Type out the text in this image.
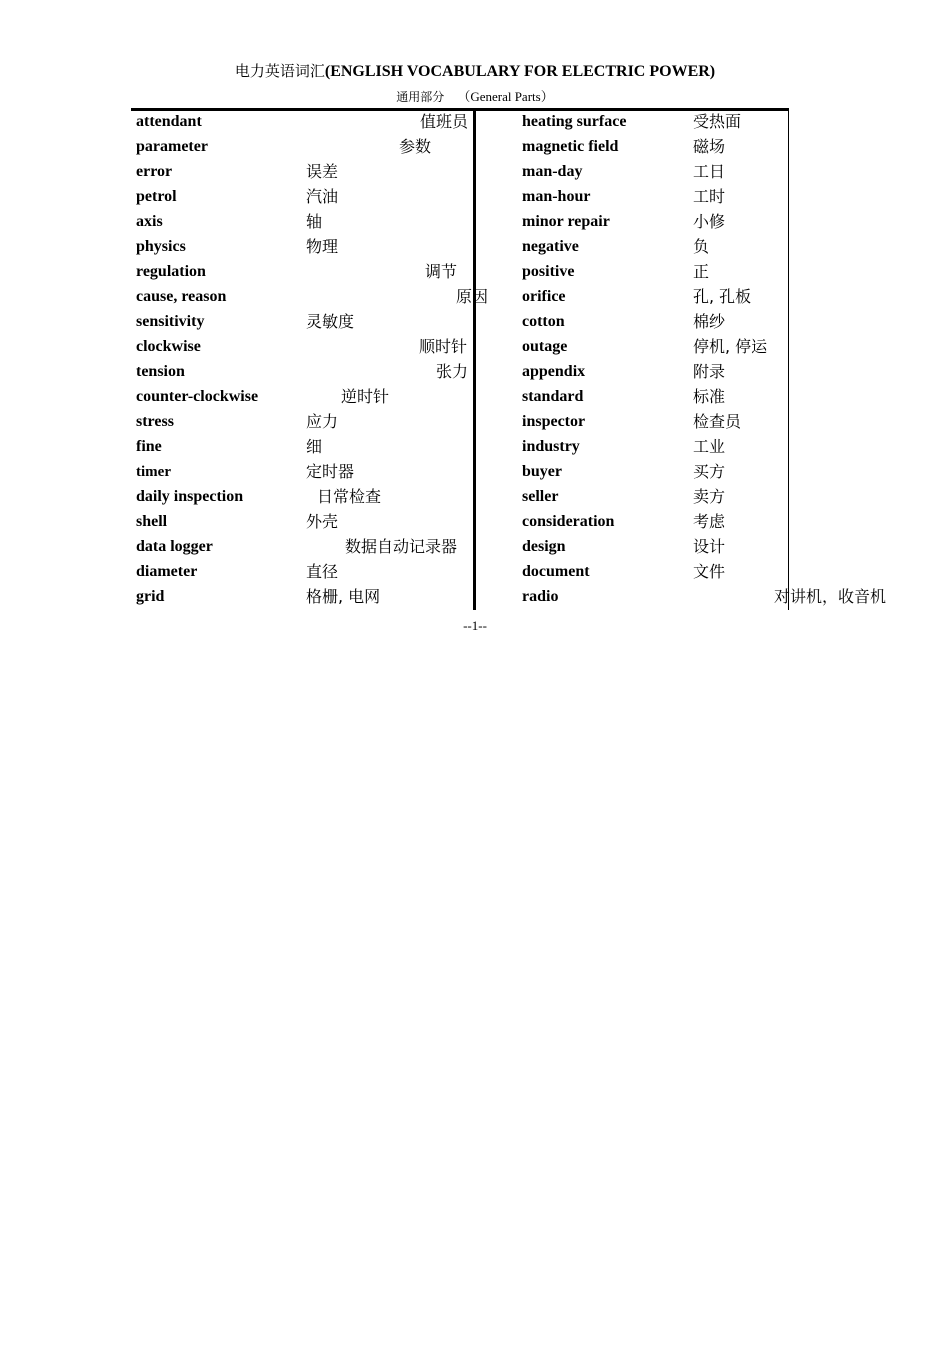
电力英语词汇(ENGLISH VOCABULARY FOR ELECTRIC POWER)
通用部分 （General Parts）
attendant	值班员
parameter	参数
error	误差
petrol	汽油
axis	轴
physics	物理
regulation	调节
cause, reason	原因
sensitivity	灵敏度
clockwise	顺时针
tension	张力
counter-clockwise	逆时针
stress	应力
fine	细
timer	定时器
daily inspection	日常检查
shell	外壳
data logger	数据自动记录器
diameter	直径
grid	格栅, 电网
heating surface	受热面
magnetic field	磁场
man-day	工日
man-hour	工时
minor repair	小修
negative	负
positive	正
orifice	孔, 孔板
cotton	棉纱
outage	停机, 停运
appendix	附录
standard	标准
inspector	检查员
industry	工业
buyer	买方
seller	卖方
consideration	考虑
design	设计
document	文件
radio	对讲机，收音机
--1--
